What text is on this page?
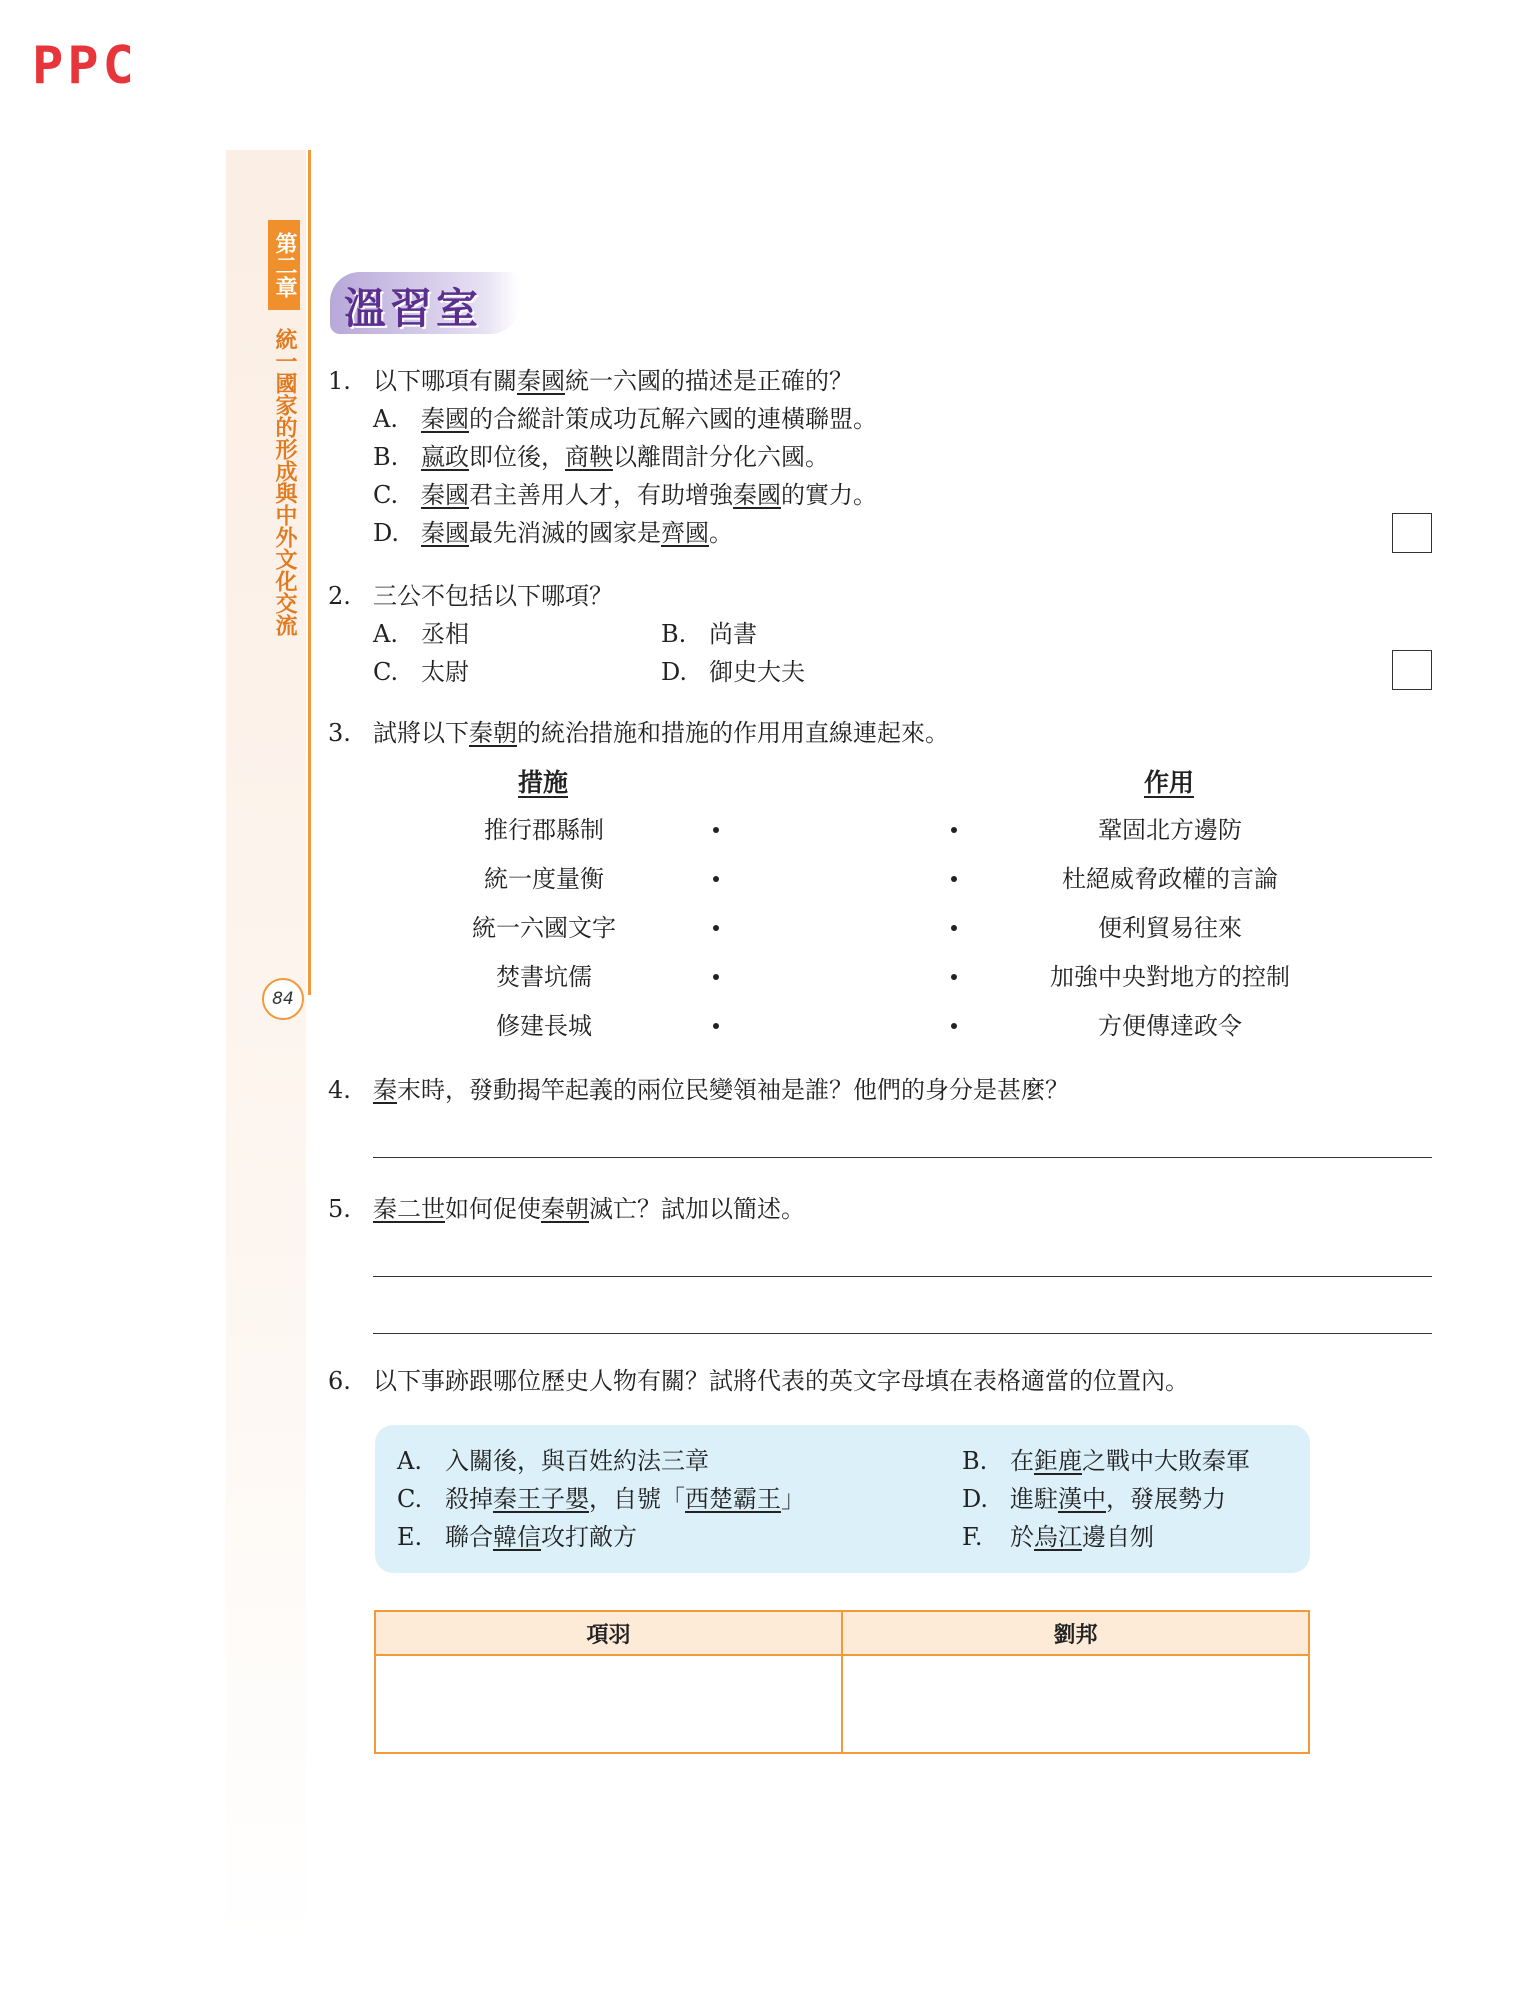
PPC
第二章
統一國家的形成與中外文化交流
84
溫習室
1. 以下哪項有關秦國統一六國的描述是正確的？
A. 秦國的合縱計策成功瓦解六國的連橫聯盟。
B. 嬴政即位後，商鞅以離間計分化六國。
C. 秦國君主善用人才，有助增強秦國的實力。
D. 秦國最先消滅的國家是齊國。
2. 三公不包括以下哪項？
A. 丞相	B. 尚書
C. 太尉	D. 御史大夫
3. 試將以下秦朝的統治措施和措施的作用用直線連起來。
措施	作用
推行郡縣制	鞏固北方邊防
統一度量衡	杜絕威脅政權的言論
統一六國文字	便利貿易往來
焚書坑儒	加強中央對地方的控制
修建長城	方便傳達政令
4. 秦末時，發動揭竿起義的兩位民變領袖是誰？他們的身分是甚麼？
5. 秦二世如何促使秦朝滅亡？試加以簡述。
6. 以下事跡跟哪位歷史人物有關？試將代表的英文字母填在表格適當的位置內。
A. 入關後，與百姓約法三章	B. 在鉅鹿之戰中大敗秦軍
C. 殺掉秦王子嬰，自號「西楚霸王」	D. 進駐漢中，發展勢力
E. 聯合韓信攻打敵方	F. 於烏江邊自刎
項羽	劉邦
